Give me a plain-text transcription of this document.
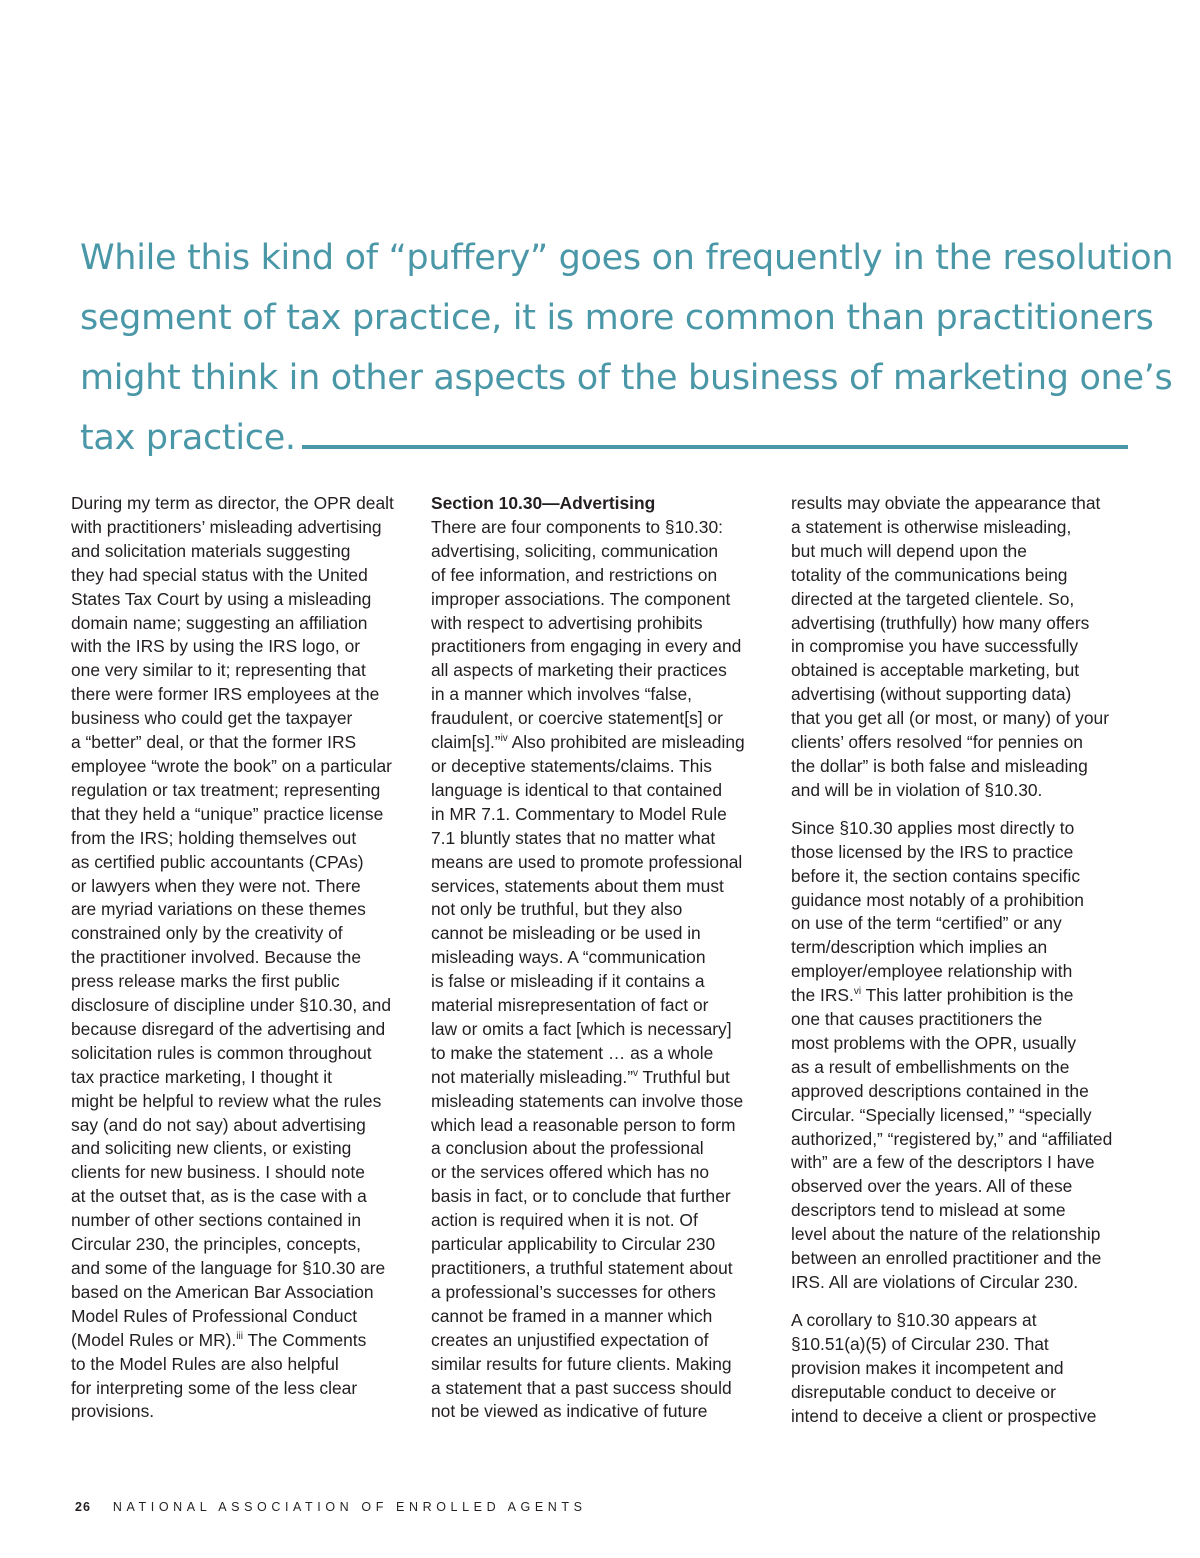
While this kind of “puffery” goes on frequently in the resolution
segment of tax practice, it is more common than practitioners
might think in other aspects of the business of marketing one’s
tax practice.
During my term as director, the OPR dealt
with practitioners’ misleading advertising
and solicitation materials suggesting
they had special status with the United
States Tax Court by using a misleading
domain name; suggesting an affiliation
with the IRS by using the IRS logo, or
one very similar to it; representing that
there were former IRS employees at the
business who could get the taxpayer
a “better” deal, or that the former IRS
employee “wrote the book” on a particular
regulation or tax treatment; representing
that they held a “unique” practice license
from the IRS; holding themselves out
as certified public accountants (CPAs)
or lawyers when they were not. There
are myriad variations on these themes
constrained only by the creativity of
the practitioner involved. Because the
press release marks the first public
disclosure of discipline under §10.30, and
because disregard of the advertising and
solicitation rules is common throughout
tax practice marketing, I thought it
might be helpful to review what the rules
say (and do not say) about advertising
and soliciting new clients, or existing
clients for new business. I should note
at the outset that, as is the case with a
number of other sections contained in
Circular 230, the principles, concepts,
and some of the language for §10.30 are
based on the American Bar Association
Model Rules of Professional Conduct
(Model Rules or MR).$^{iii}$ The Comments
to the Model Rules are also helpful
for interpreting some of the less clear
provisions.
Section 10.30—Advertising
There are four components to §10.30:
advertising, soliciting, communication
of fee information, and restrictions on
improper associations. The component
with respect to advertising prohibits
practitioners from engaging in every and
all aspects of marketing their practices
in a manner which involves “false,
fraudulent, or coercive statement[s] or
claim[s].”$^{iv}$ Also prohibited are misleading
or deceptive statements/claims. This
language is identical to that contained
in MR 7.1. Commentary to Model Rule
7.1 bluntly states that no matter what
means are used to promote professional
services, statements about them must
not only be truthful, but they also
cannot be misleading or be used in
misleading ways. A “communication
is false or misleading if it contains a
material misrepresentation of fact or
law or omits a fact [which is necessary]
to make the statement … as a whole
not materially misleading.”$^v$ Truthful but
misleading statements can involve those
which lead a reasonable person to form
a conclusion about the professional
or the services offered which has no
basis in fact, or to conclude that further
action is required when it is not. Of
particular applicability to Circular 230
practitioners, a truthful statement about
a professional’s successes for others
cannot be framed in a manner which
creates an unjustified expectation of
similar results for future clients. Making
a statement that a past success should
not be viewed as indicative of future
results may obviate the appearance that
a statement is otherwise misleading,
but much will depend upon the
totality of the communications being
directed at the targeted clientele. So,
advertising (truthfully) how many offers
in compromise you have successfully
obtained is acceptable marketing, but
advertising (without supporting data)
that you get all (or most, or many) of your
clients’ offers resolved “for pennies on
the dollar” is both false and misleading
and will be in violation of §10.30.
Since §10.30 applies most directly to
those licensed by the IRS to practice
before it, the section contains specific
guidance most notably of a prohibition
on use of the term “certified” or any
term/description which implies an
employer/employee relationship with
the IRS.$^{vi}$ This latter prohibition is the
one that causes practitioners the
most problems with the OPR, usually
as a result of embellishments on the
approved descriptions contained in the
Circular. “Specially licensed,” “specially
authorized,” “registered by,” and “affiliated
with” are a few of the descriptors I have
observed over the years. All of these
descriptors tend to mislead at some
level about the nature of the relationship
between an enrolled practitioner and the
IRS. All are violations of Circular 230.
A corollary to §10.30 appears at
§10.51(a)(5) of Circular 230. That
provision makes it incompetent and
disreputable conduct to deceive or
intend to deceive a client or prospective
26 NATIONAL ASSOCIATION OF ENROLLED AGENTS
